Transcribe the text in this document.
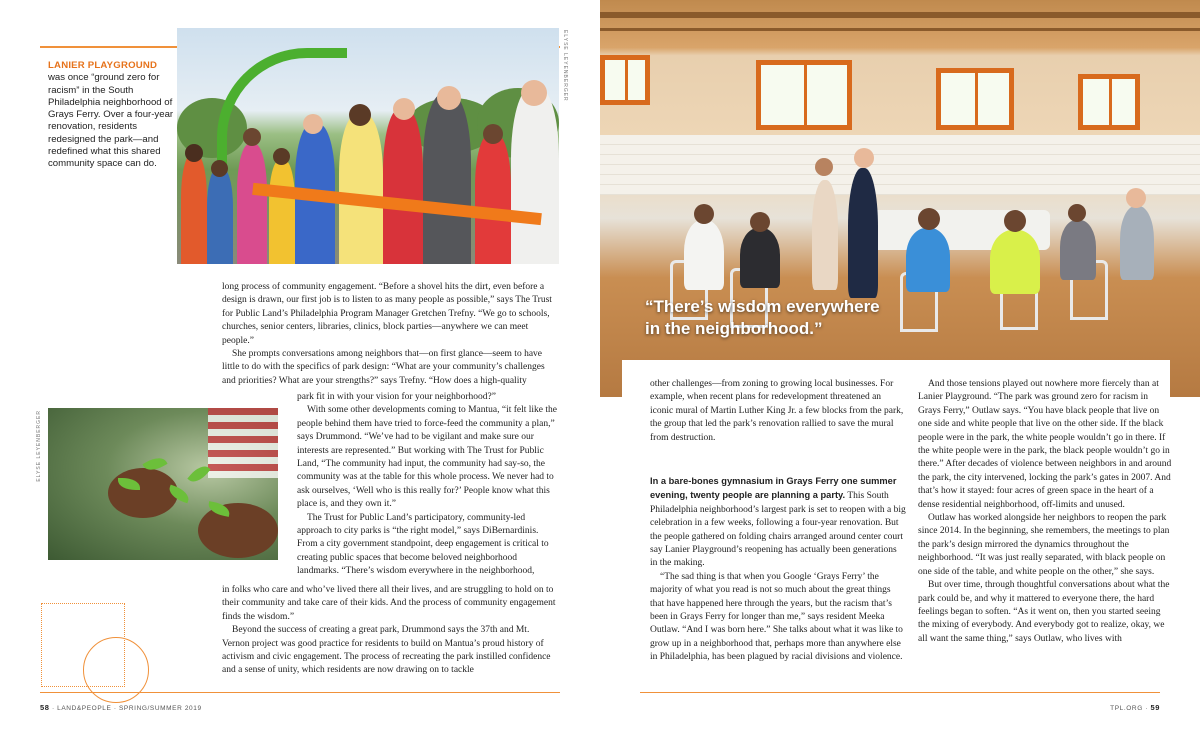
ELYSE LEYENBERGER
LANIER PLAYGROUND
was once “ground zero for racism” in the South Philadelphia neighborhood of Grays Ferry. Over a four-year renovation, residents redesigned the park—and redefined what this shared community space can do.

long process of community engagement. “Before a shovel hits the dirt, even before a design is drawn, our first job is to listen to as many people as possible,” says The Trust for Public Land’s Philadelphia Program Manager Gretchen Trefny. “We go to schools, churches, senior centers, libraries, clinics, block parties—anywhere we can meet people.”

She prompts conversations among neighbors that—on first glance—seem to have little to do with the specifics of park design: “What are your community’s challenges and priorities? What are your strengths?” says Trefny. “How does a high-quality

ELYSE LEYENBERGER

park fit in with your vision for your neighborhood?”

With some other developments coming to Mantua, “it felt like the people behind them have tried to force-feed the community a plan,” says Drummond. “We’ve had to be vigilant and make sure our interests are represented.” But working with The Trust for Public Land, “The community had input, the community had say-so, the community was at the table for this whole process. We never had to ask ourselves, ‘Well who is this really for?’ People know what this place is, and they own it.”

The Trust for Public Land’s participatory, community-led approach to city parks is “the right model,” says DiBernardinis. From a city government standpoint, deep engagement is critical to creating public spaces that become beloved neighborhood landmarks. “There’s wisdom everywhere in the neighborhood,

in folks who care and who’ve lived there all their lives, and are struggling to hold on to their community and take care of their kids. And the process of community engagement finds the wisdom.”

Beyond the success of creating a great park, Drummond says the 37th and Mt. Vernon project was good practice for residents to build on Mantua’s proud history of activism and civic engagement. The process of recreating the park instilled confidence and a sense of unity, which residents are now drawing on to tackle

58 · LAND&PEOPLE · SPRING/SUMMER 2019
“There’s wisdom everywhere in the neighborhood.”

other challenges—from zoning to growing local businesses. For example, when recent plans for redevelopment threatened an iconic mural of Martin Luther King Jr. a few blocks from the park, the group that led the park’s renovation rallied to save the mural from destruction.

In a bare-bones gymnasium in Grays Ferry one summer evening, twenty people are planning a party. This South Philadelphia neighborhood’s largest park is set to reopen with a big celebration in a few weeks, following a four-year renovation. But the people gathered on folding chairs arranged around center court say Lanier Playground’s reopening has actually been generations in the making.

“The sad thing is that when you Google ‘Grays Ferry’ the majority of what you read is not so much about the great things that have happened here through the years, but the racism that’s been in Grays Ferry for longer than me,” says resident Meeka Outlaw. “And I was born here.” She talks about what it was like to grow up in a neighborhood that, perhaps more than anywhere else in Philadelphia, has been plagued by racial divisions and violence.

And those tensions played out nowhere more fiercely than at Lanier Playground. “The park was ground zero for racism in Grays Ferry,” Outlaw says. “You have black people that live on one side and white people that live on the other side. If the black people were in the park, the white people wouldn’t go in there. If the white people were in the park, the black people wouldn’t go in there.” After decades of violence between neighbors in and around the park, the city intervened, locking the park’s gates in 2007. And that’s how it stayed: four acres of green space in the heart of a dense residential neighborhood, off-limits and unused.

Outlaw has worked alongside her neighbors to reopen the park since 2014. In the beginning, she remembers, the meetings to plan the park’s design mirrored the dynamics throughout the neighborhood. “It was just really separated, with black people on one side of the table, and white people on the other,” she says.

But over time, through thoughtful conversations about what the park could be, and why it mattered to everyone there, the hard feelings began to soften. “As it went on, then you started seeing the mixing of everybody. And everybody got to realize, okay, we all want the same thing,” says Outlaw, who lives with

TPL.ORG · 59
